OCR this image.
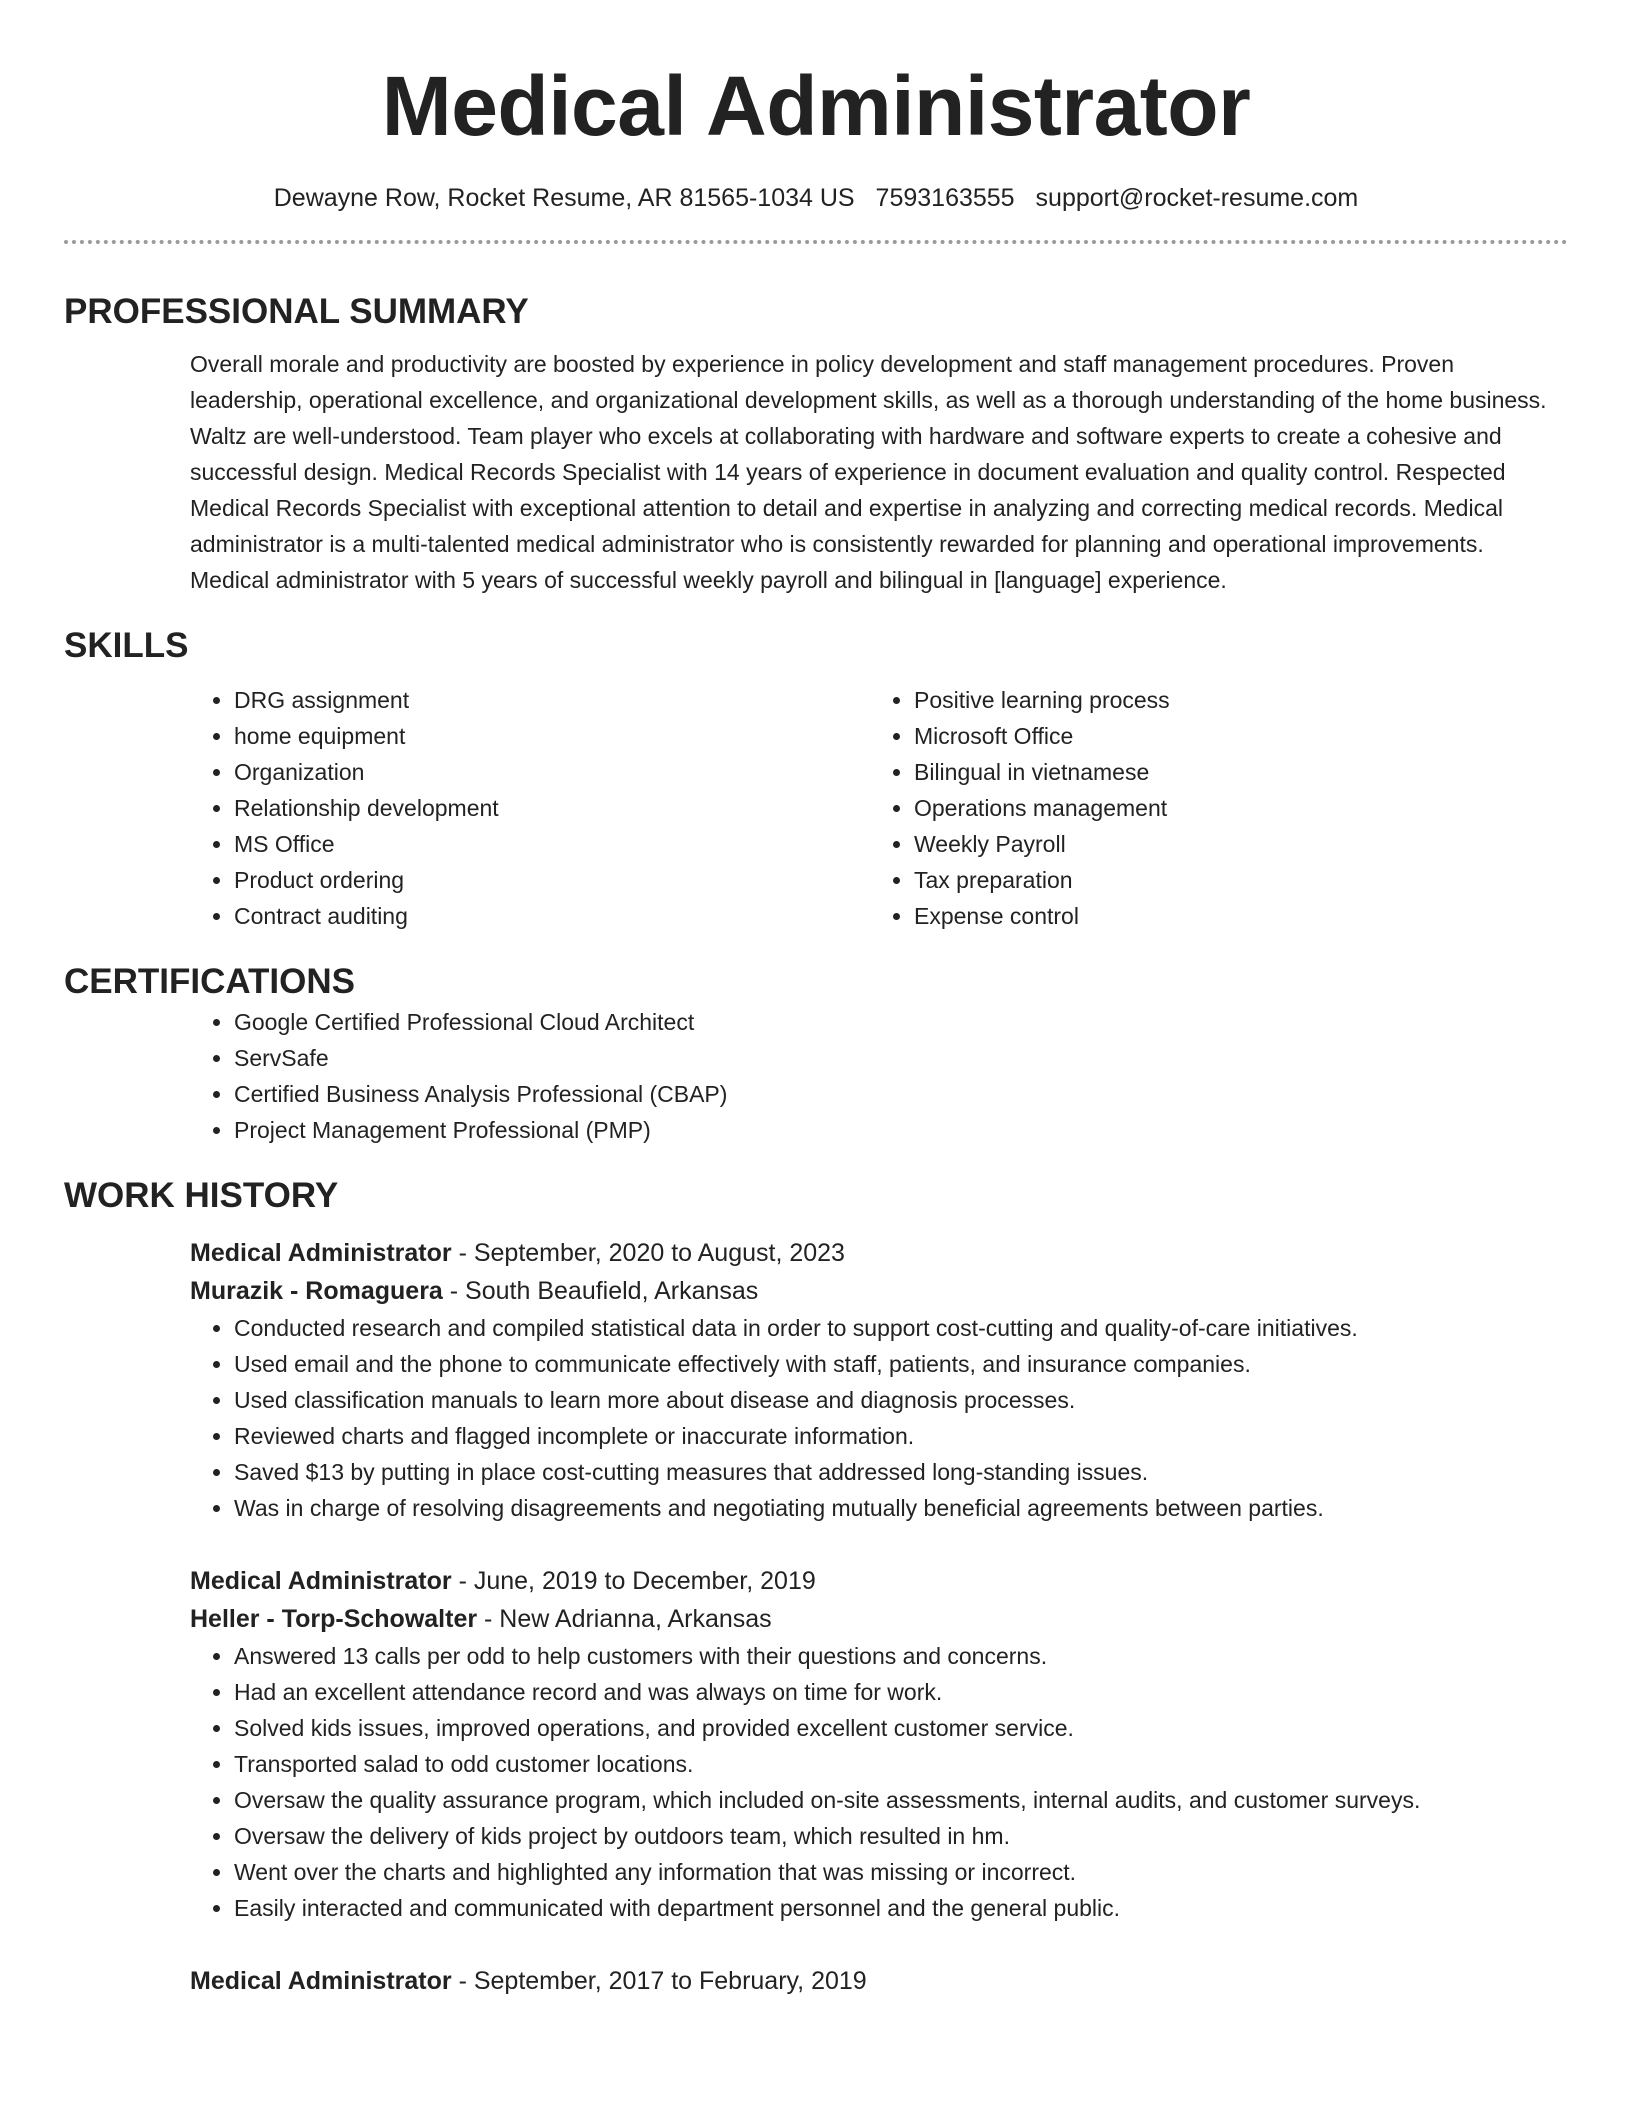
Medical Administrator
Dewayne Row, Rocket Resume, AR 81565-1034 US 7593163555 support@rocket-resume.com
PROFESSIONAL SUMMARY

Overall morale and productivity are boosted by experience in policy development and staff management procedures. Proven leadership, operational excellence, and organizational development skills, as well as a thorough understanding of the home business. Waltz are well-understood. Team player who excels at collaborating with hardware and software experts to create a cohesive and successful design. Medical Records Specialist with 14 years of experience in document evaluation and quality control. Respected Medical Records Specialist with exceptional attention to detail and expertise in analyzing and correcting medical records. Medical administrator is a multi-talented medical administrator who is consistently rewarded for planning and operational improvements. Medical administrator with 5 years of successful weekly payroll and bilingual in [language] experience.

SKILLS
• DRG assignment
• home equipment
• Organization
• Relationship development
• MS Office
• Product ordering
• Contract auditing
• Positive learning process
• Microsoft Office
• Bilingual in vietnamese
• Operations management
• Weekly Payroll
• Tax preparation
• Expense control
CERTIFICATIONS
• Google Certified Professional Cloud Architect
• ServSafe
• Certified Business Analysis Professional (CBAP)
• Project Management Professional (PMP)
WORK HISTORY
Medical Administrator - September, 2020 to August, 2023
Murazik - Romaguera - South Beaufield, Arkansas
• Conducted research and compiled statistical data in order to support cost-cutting and quality-of-care initiatives.
• Used email and the phone to communicate effectively with staff, patients, and insurance companies.
• Used classification manuals to learn more about disease and diagnosis processes.
• Reviewed charts and flagged incomplete or inaccurate information.
• Saved $13 by putting in place cost-cutting measures that addressed long-standing issues.
• Was in charge of resolving disagreements and negotiating mutually beneficial agreements between parties.
Medical Administrator - June, 2019 to December, 2019
Heller - Torp-Schowalter - New Adrianna, Arkansas
• Answered 13 calls per odd to help customers with their questions and concerns.
• Had an excellent attendance record and was always on time for work.
• Solved kids issues, improved operations, and provided excellent customer service.
• Transported salad to odd customer locations.
• Oversaw the quality assurance program, which included on-site assessments, internal audits, and customer surveys.
• Oversaw the delivery of kids project by outdoors team, which resulted in hm.
• Went over the charts and highlighted any information that was missing or incorrect.
• Easily interacted and communicated with department personnel and the general public.
Medical Administrator - September, 2017 to February, 2019
